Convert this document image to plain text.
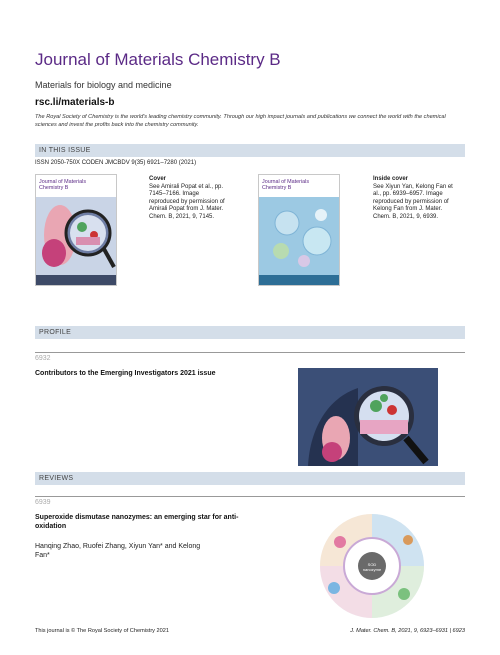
Journal of Materials Chemistry B
Materials for biology and medicine
rsc.li/materials-b
The Royal Society of Chemistry is the world's leading chemistry community. Through our high impact journals and publications we connect the world with the chemical sciences and invest the profits back into the chemistry community.
IN THIS ISSUE
ISSN 2050-750X CODEN JMCBDV 9(35) 6921–7280 (2021)
Journal of Materials Chemistry B
Cover
See Amirali Popat et al., pp. 7145–7166. Image reproduced by permission of Amirali Popat from J. Mater. Chem. B, 2021, 9, 7145.
Journal of Materials Chemistry B
Inside cover
See Xiyun Yan, Kelong Fan et al., pp. 6939–6957. Image reproduced by permission of Kelong Fan from J. Mater. Chem. B, 2021, 9, 6939.
PROFILE
6932
Contributors to the Emerging Investigators 2021 issue
REVIEWS
6939
Superoxide dismutase nanozymes: an emerging star for anti-oxidation
Hanqing Zhao, Ruofei Zhang, Xiyun Yan* and Kelong Fan*
SOD nanozyme
This journal is © The Royal Society of Chemistry 2021	J. Mater. Chem. B, 2021, 9, 6923–6931 | 6923
